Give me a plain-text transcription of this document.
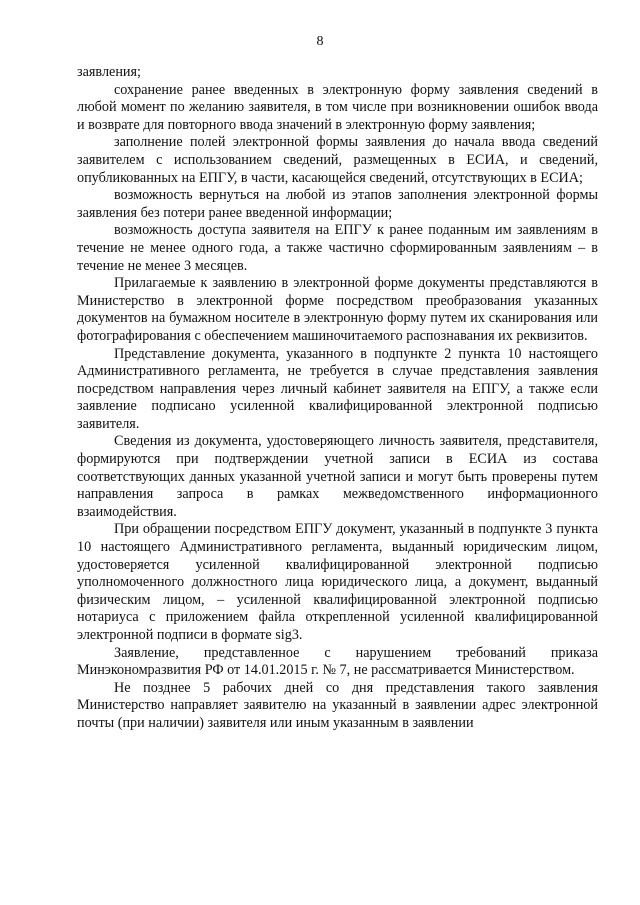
8

заявления;

сохранение ранее введенных в электронную форму заявления сведений в любой момент по желанию заявителя, в том числе при возникновении ошибок ввода и возврате для повторного ввода значений в электронную форму заявления;

заполнение полей электронной формы заявления до начала ввода сведений заявителем с использованием сведений, размещенных в ЕСИА, и сведений, опубликованных на ЕПГУ, в части, касающейся сведений, отсутствующих в ЕСИА;

возможность вернуться на любой из этапов заполнения электронной формы заявления без потери ранее введенной информации;

возможность доступа заявителя на ЕПГУ к ранее поданным им заявлениям в течение не менее одного года, а также частично сформированным заявлениям – в течение не менее 3 месяцев.

Прилагаемые к заявлению в электронной форме документы представляются в Министерство в электронной форме посредством преобразования указанных документов на бумажном носителе в электронную форму путем их сканирования или фотографирования с обеспечением машиночитаемого распознавания их реквизитов.

Представление документа, указанного в подпункте 2 пункта 10 настоящего Административного регламента, не требуется в случае представления заявления посредством направления через личный кабинет заявителя на ЕПГУ, а также если заявление подписано усиленной квалифицированной электронной подписью заявителя.

Сведения из документа, удостоверяющего личность заявителя, представителя, формируются при подтверждении учетной записи в ЕСИА из состава соответствующих данных указанной учетной записи и могут быть проверены путем направления запроса в рамках межведомственного информационного взаимодействия.

При обращении посредством ЕПГУ документ, указанный в подпункте 3 пункта 10 настоящего Административного регламента, выданный юридическим лицом, удостоверяется усиленной квалифицированной электронной подписью уполномоченного должностного лица юридического лица, а документ, выданный физическим лицом, – усиленной квалифицированной электронной подписью нотариуса с приложением файла открепленной усиленной квалифицированной электронной подписи в формате sig3.

Заявление, представленное с нарушением требований приказа Минэкономразвития РФ от 14.01.2015 г. № 7, не рассматривается Министерством.

Не позднее 5 рабочих дней со дня представления такого заявления Министерство направляет заявителю на указанный в заявлении адрес электронной почты (при наличии) заявителя или иным указанным в заявлении
